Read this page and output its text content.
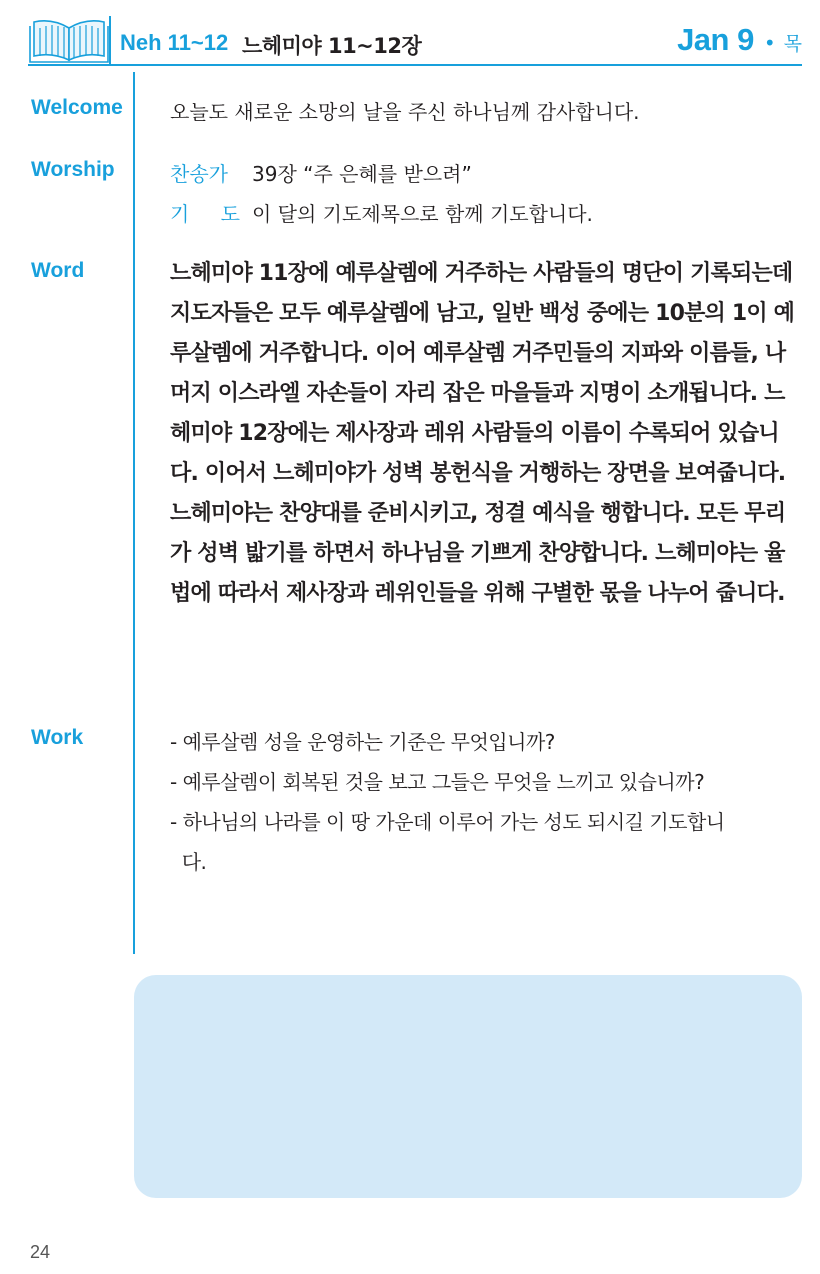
Neh 11~12 느헤미야 11~12장	Jan 9 • 목
Welcome 오늘도 새로운 소망의 날을 주신 하나님께 감사합니다.
Worship	찬송가	39장 “주 은혜를 받으려”
기 도 이 달의 기도제목으로 함께 기도합니다.
Word	느헤미야 11장에 예루살렘에 거주하는 사람들의 명단이 기록되는데
지도자들은 모두 예루살렘에 남고, 일반 백성 중에는 10분의 1이 예
루살렘에 거주합니다. 이어 예루살렘 거주민들의 지파와 이름들, 나
머지 이스라엘 자손들이 자리 잡은 마을들과 지명이 소개됩니다. 느
헤미야 12장에는 제사장과 레위 사람들의 이름이 수록되어 있습니
다. 이어서 느헤미야가 성벽 봉헌식을 거행하는 장면을 보여줍니다.
느헤미야는 찬양대를 준비시키고, 정결 예식을 행합니다. 모든 무리
가 성벽 밟기를 하면서 하나님을 기쁘게 찬양합니다. 느헤미야는 율
법에 따라서 제사장과 레위인들을 위해 구별한 몫을 나누어 줍니다.
Work	- 예루살렘 성을 운영하는 기준은 무엇입니까?
- 예루살렘이 회복된 것을 보고 그들은 무엇을 느끼고 있습니까?
- 하나님의 나라를 이 땅 가운데 이루어 가는 성도 되시길 기도합니
다.
24
